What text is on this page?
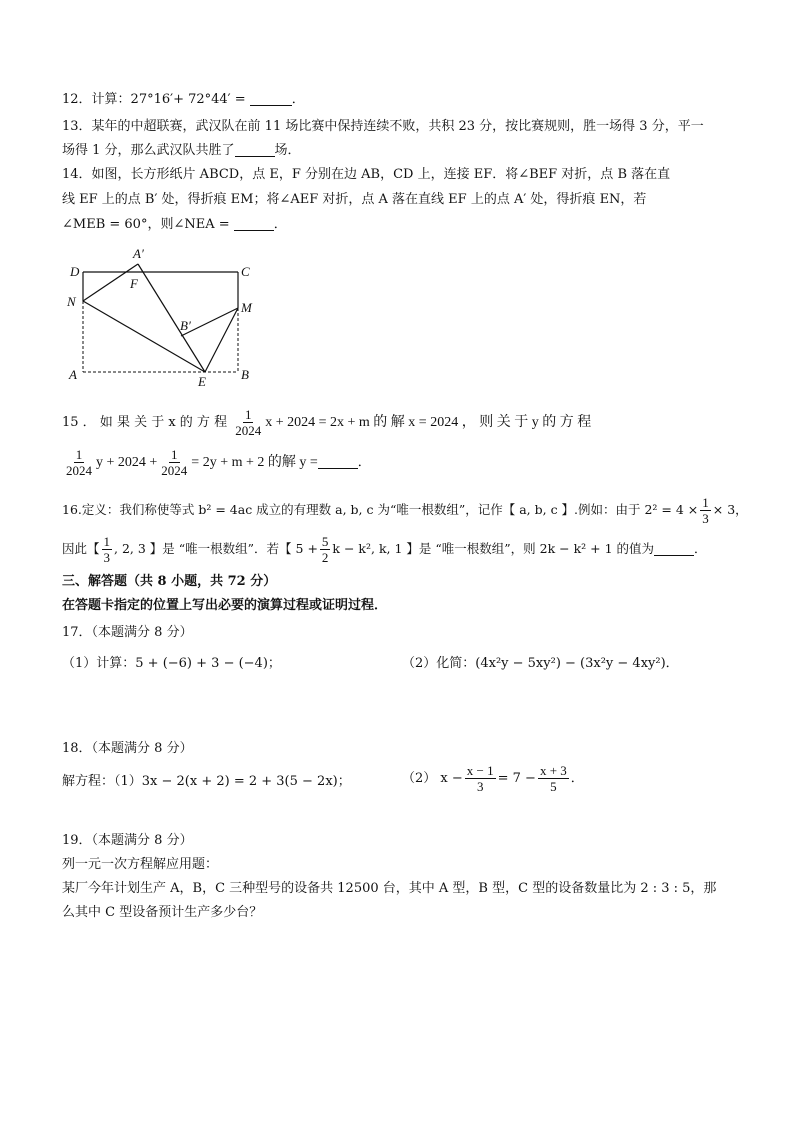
12．计算：27°16′+ 72°44′ =	．
13．某年的中超联赛，武汉队在前 11 场比赛中保持连续不败，共积 23 分，按比赛规则，胜一场得 3 分，平一
场得 1 分，那么武汉队共胜了	场．
14．如图，长方形纸片 ABCD，点 E，F 分别在边 AB，CD 上，连接 EF．将∠BEF 对折，点 B 落在直
线 EF 上的点 B′ 处，得折痕 EM；将∠AEF 对折，点 A 落在直线 EF 上的点 A′ 处，得折痕 EN，若
∠MEB = 60°，则∠NEA =	．
D
A′
C
F
N	M
B′
A	E	B
15 ． 如 果 关 于 x 的 方 程 $\frac{1}{2024}$ x + 2024 = 2x + m 的 解 x = 2024 ， 则 关 于 y 的 方 程
$\frac{1}{2024}$ $y + 2024 + \frac{1}{2024} = 2y + m + 2$ 的解 y =	．
16.定义：我们称使等式 b² = 4ac 成立的有理数 a, b, c 为“唯一根数组”，记作【 a, b, c 】.例如：由于 $2^2 = 4 \times \frac{1}{3} \times 3$，
因此【 $\frac{1}{3}$ , 2, 3 】是 “唯一根数组”．若【 $5 + \frac{5}{2}$ k − k², k, 1 】是 “唯一根数组”，则 2k − k² + 1 的值为	．
三、解答题（共 8 小题，共 72 分）
在答题卡指定的位置上写出必要的演算过程或证明过程．
17．（本题满分 8 分）
（1）计算：5 + (−6) + 3 − (−4)；	（2）化简：(4x²y − 5xy²) − (3x²y − 4xy²)．
18．（本题满分 8 分）
解方程：（1）3x − 2(x + 2) = 2 + 3(5 − 2x)；	（2） $x - \frac{x - 1}{3} = 7 - \frac{x + 3}{5}$ ．
19．（本题满分 8 分）
列一元一次方程解应用题：
某厂今年计划生产 A，B，C 三种型号的设备共 12500 台，其中 A 型，B 型，C 型的设备数量比为 2 : 3 : 5，那
么其中 C 型设备预计生产多少台？
